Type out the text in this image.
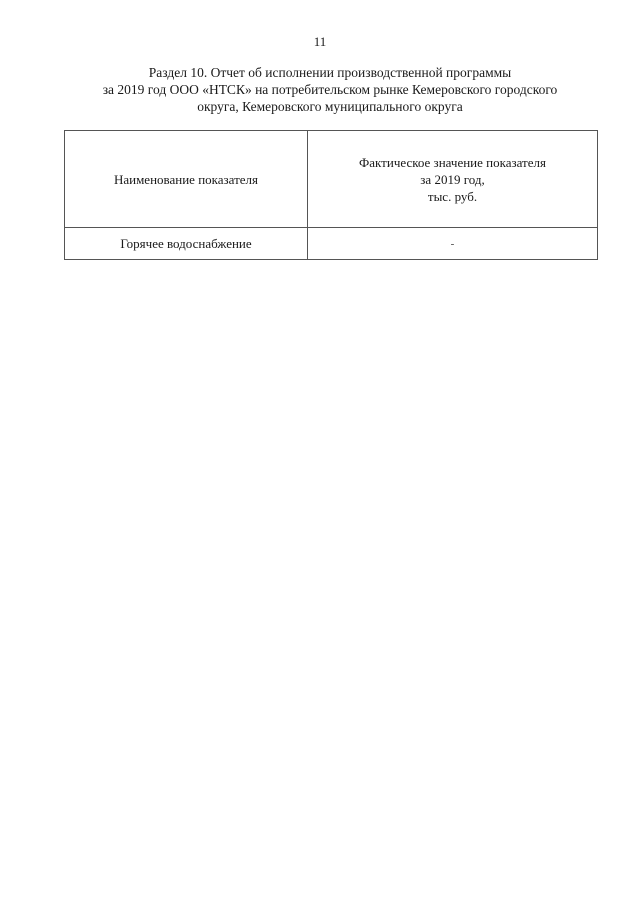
11
Раздел 10. Отчет об исполнении производственной программы
за 2019 год ООО «НТСК» на потребительском рынке Кемеровского городского
округа, Кемеровского муниципального округа
Наименование показателя	Фактическое значение показателя
за 2019 год,
тыс. руб.
Горячее водоснабжение	-
